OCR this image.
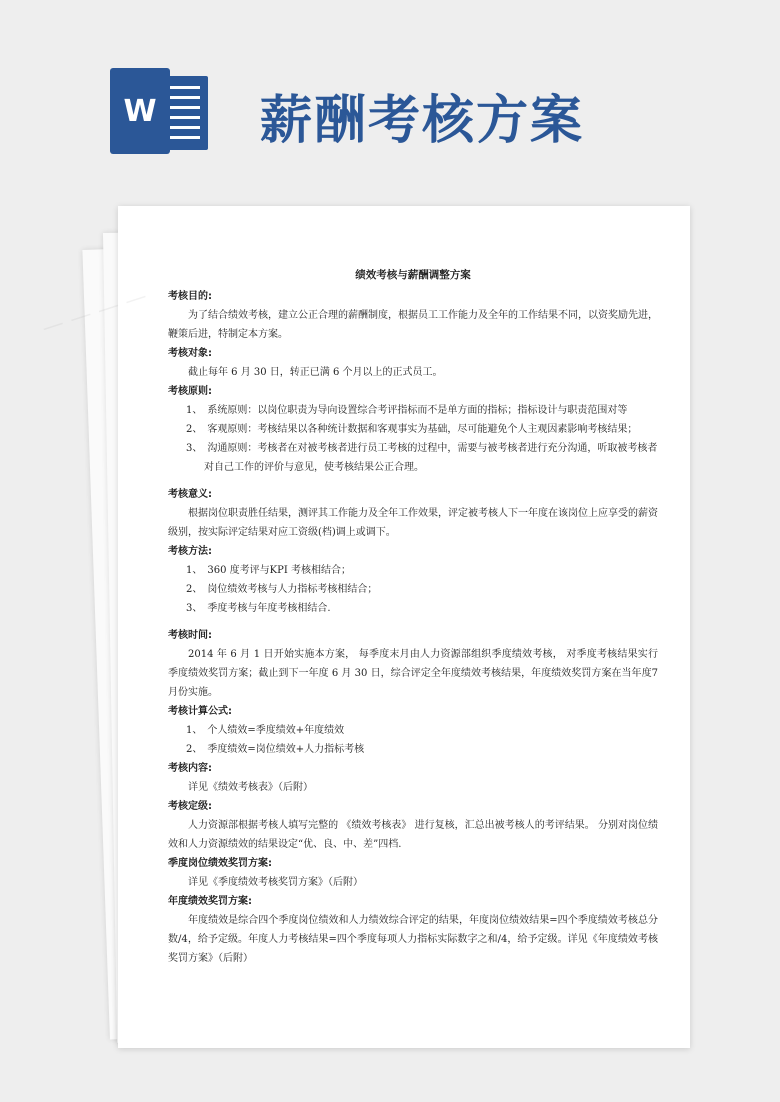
W 薪酬考核方案
绩效考核与薪酬调整方案
考核目的:
为了结合绩效考核，建立公正合理的薪酬制度，根据员工工作能力及全年的工作结果不同，以资奖励先进，鞭策后进，特制定本方案。
考核对象:
截止每年 6 月 30 日，转正已满 6 个月以上的正式员工。
考核原则:
1、　系统原则：以岗位职责为导向设置综合考评指标而不是单方面的指标；指标设计与职责范围对等
2、　客观原则：考核结果以各种统计数据和客观事实为基础，尽可能避免个人主观因素影响考核结果；
3、　沟通原则：考核者在对被考核者进行员工考核的过程中，需要与被考核者进行充分沟通，听取被考核者对自己工作的评价与意见，使考核结果公正合理。
考核意义:
根据岗位职责胜任结果，测评其工作能力及全年工作效果，评定被考核人下一年度在该岗位上应享受的薪资级别，按实际评定结果对应工资级(档)调上或调下。
考核方法:
1、　360 度考评与KPI 考核相结合；
2、　岗位绩效考核与人力指标考核相结合；
3、　季度考核与年度考核相结合.
考核时间:
2014 年 6 月 1 日开始实施本方案， 每季度末月由人力资源部组织季度绩效考核， 对季度考核结果实行季度绩效奖罚方案；截止到下一年度 6 月 30 日，综合评定全年度绩效考核结果，年度绩效奖罚方案在当年度7月份实施。
考核计算公式:
1、　个人绩效=季度绩效+年度绩效
2、　季度绩效=岗位绩效+人力指标考核
考核内容:
详见《绩效考核表》（后附）
考核定级:
人力资源部根据考核人填写完整的 《绩效考核表》 进行复核，汇总出被考核人的考评结果。 分别对岗位绩效和人力资源绩效的结果设定“优、良、中、差”四档.
季度岗位绩效奖罚方案:
详见《季度绩效考核奖罚方案》（后附）
年度绩效奖罚方案:
年度绩效是综合四个季度岗位绩效和人力绩效综合评定的结果，年度岗位绩效结果=四个季度绩效考核总分数/4，给予定级。年度人力考核结果=四个季度每项人力指标实际数字之和/4，给予定级。详见《年度绩效考核奖罚方案》（后附）
— —
